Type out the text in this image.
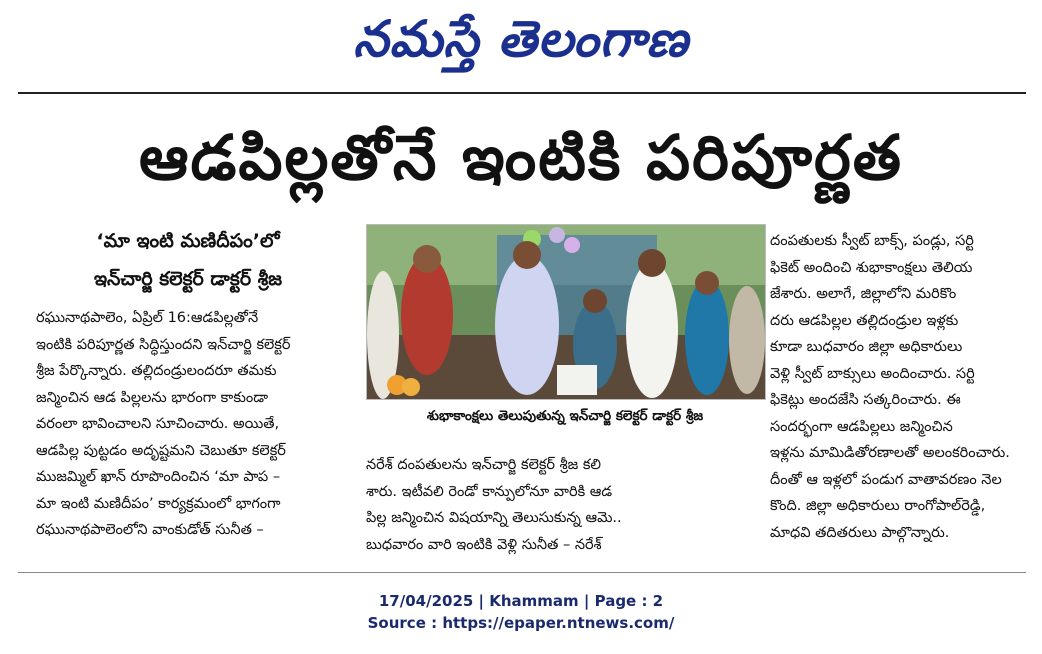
నమస్తే తెలంగాణ
ఆడపిల్లతోనే ఇంటికి పరిపూర్ణత
‘మా ఇంటి మణిదీపం’లో
ఇన్‌చార్జి కలెక్టర్ డాక్టర్ శ్రీజ

రఘునాథపాలెం, ఏప్రిల్ 16:ఆడపిల్లతోనే

ఇంటికి పరిపూర్ణత సిద్ధిస్తుందని ఇన్‌చార్జి కలెక్టర్

శ్రీజ పేర్కొన్నారు. తల్లిదండ్రులందరూ తమకు

జన్మించిన ఆడ పిల్లలను భారంగా కాకుండా

వరంలా భావించాలని సూచించారు. అయితే,

ఆడపిల్ల పుట్టడం అదృష్టమని చెబుతూ కలెక్టర్

ముజమ్మిల్ ఖాన్ రూపొందించిన ‘మా పాప –

మా ఇంటి మణిదీపం’ కార్యక్రమంలో భాగంగా

రఘునాథపాలెంలోని వాంకుడోత్ సునీత –

శుభాకాంక్షలు తెలుపుతున్న ఇన్‌చార్జి కలెక్టర్ డాక్టర్ శ్రీజ

నరేశ్ దంపతులను ఇన్‌చార్జి కలెక్టర్ శ్రీజ కలి

శారు. ఇటీవలి రెండో కాన్పులోనూ వారికి ఆడ

పిల్ల జన్మించిన విషయాన్ని తెలుసుకున్న ఆమె..

బుధవారం వారి ఇంటికి వెళ్లి సునీత – నరేశ్

దంపతులకు స్వీట్ బాక్స్, పండ్లు, సర్టి

ఫికెట్ అందించి శుభాకాంక్షలు తెలియ

జేశారు. అలాగే, జిల్లాలోని మరికొం

దరు ఆడపిల్లల తల్లిదండ్రుల ఇళ్లకు

కూడా బుధవారం జిల్లా అధికారులు

వెళ్లి స్వీట్ బాక్సులు అందించారు. సర్టి

ఫికెట్లు అందజేసి సత్కరించారు. ఈ

సందర్భంగా ఆడపిల్లలు జన్మించిన

ఇళ్లను మామిడితోరణాలతో అలంకరించారు.

దీంతో ఆ ఇళ్లలో పండుగ వాతావరణం నెల

కొంది. జిల్లా అధికారులు రాంగోపాల్‌రెడ్డి,

మాధవి తదితరులు పాల్గొన్నారు.

17/04/2025 | Khammam | Page : 2
Source : https://epaper.ntnews.com/
